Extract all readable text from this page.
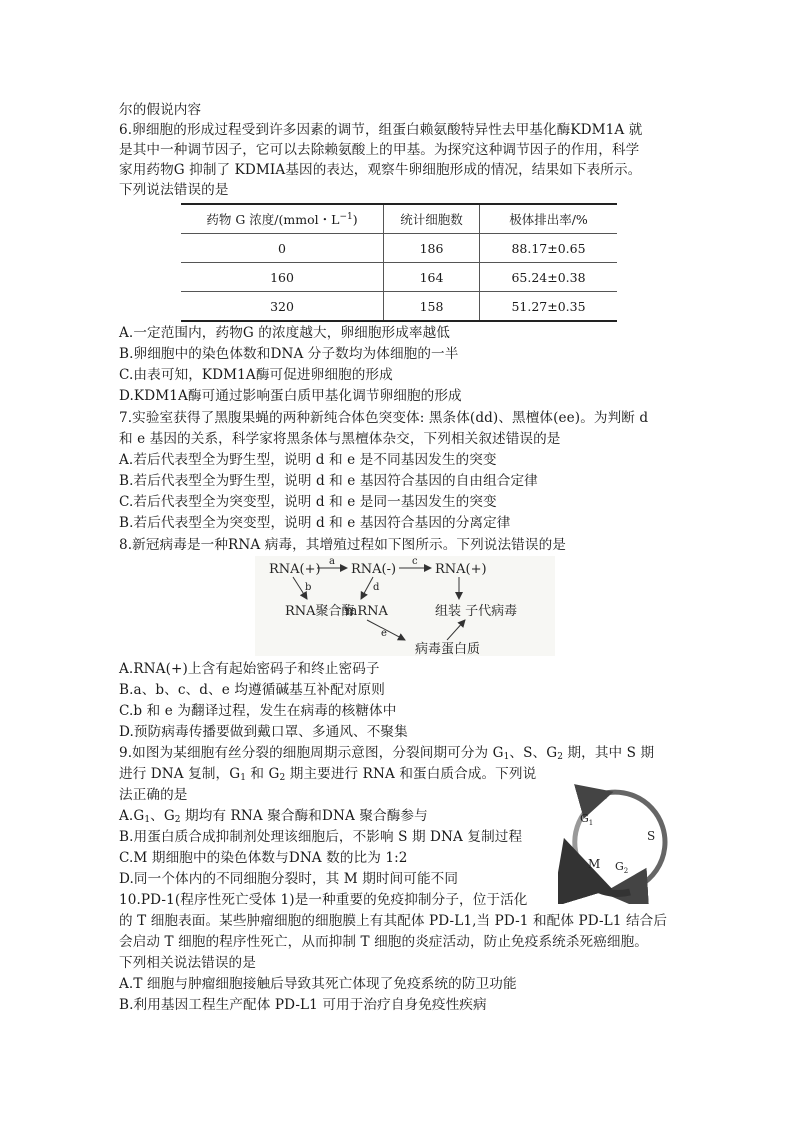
尔的假说内容
6.卵细胞的形成过程受到许多因素的调节，组蛋白赖氨酸特异性去甲基化酶KDM1A 就
是其中一种调节因子，它可以去除赖氨酸上的甲基。为探究这种调节因子的作用，科学
家用药物G 抑制了 KDMIA基因的表达，观察牛卵细胞形成的情况，结果如下表所示。
下列说法错误的是
药物 G 浓度/(mmol・$L^{-1}$)	统计细胞数	极体排出率/%
0	186	88.17±0.65
160	164	65.24±0.38
320	158	51.27±0.35
A.一定范围内，药物G 的浓度越大，卵细胞形成率越低
B.卵细胞中的染色体数和DNA 分子数均为体细胞的一半
C.由表可知，KDM1A酶可促进卵细胞的形成
D.KDM1A酶可通过影响蛋白质甲基化调节卵细胞的形成
7.实验室获得了黑腹果蝇的两种新纯合体色突变体: 黑条体(dd)、黑檀体(ee)。为判断 d
和 e 基因的关系，科学家将黑条体与黑檀体杂交，下列相关叙述错误的是
A.若后代表型全为野生型，说明 d 和 e 是不同基因发生的突变
B.若后代表型全为野生型，说明 d 和 e 基因符合基因的自由组合定律
C.若后代表型全为突变型，说明 d 和 e 是同一基因发生的突变
B.若后代表型全为突变型，说明 d 和 e 基因符合基因的分离定律
8.新冠病毒是一种RNA 病毒，其增殖过程如下图所示。下列说法错误的是
RNA(+) RNA(-)	RNA(+)
a	c
b	d
RNA聚合酶
mRNA	组装 子代病毒
e
病毒蛋白质
A.RNA(+)上含有起始密码子和终止密码子
B.a、b、c、d、e 均遵循碱基互补配对原则
C.b 和 e 为翻译过程，发生在病毒的核糖体中
D.预防病毒传播要做到戴口罩、多通风、不聚集
9.如图为某细胞有丝分裂的细胞周期示意图，分裂间期可分为 $G_1$、S、$G_2$ 期，其中 S 期
进行 DNA 复制，$G_1$ 和 $G_2$ 期主要进行 RNA 和蛋白质合成。下列说
法正确的是
$A.G_1$、$G_2$ 期均有 RNA 聚合酶和DNA 聚合酶参与
B.用蛋白质合成抑制剂处理该细胞后，不影响 S 期 DNA 复制过程
C.M 期细胞中的染色体数与DNA 数的比为 1:2
D.同一个体内的不同细胞分裂时，其 M 期时间可能不同
$G_1$
S
$G_2$
M
10.PD-1(程序性死亡受体 1)是一种重要的免疫抑制分子，位于活化
的 T 细胞表面。某些肿瘤细胞的细胞膜上有其配体 PD-L1,当 PD-1 和配体 PD-L1 结合后
会启动 T 细胞的程序性死亡，从而抑制 T 细胞的炎症活动，防止免疫系统杀死癌细胞。
下列相关说法错误的是
A.T 细胞与肿瘤细胞接触后导致其死亡体现了免疫系统的防卫功能
B.利用基因工程生产配体 PD-L1 可用于治疗自身免疫性疾病
